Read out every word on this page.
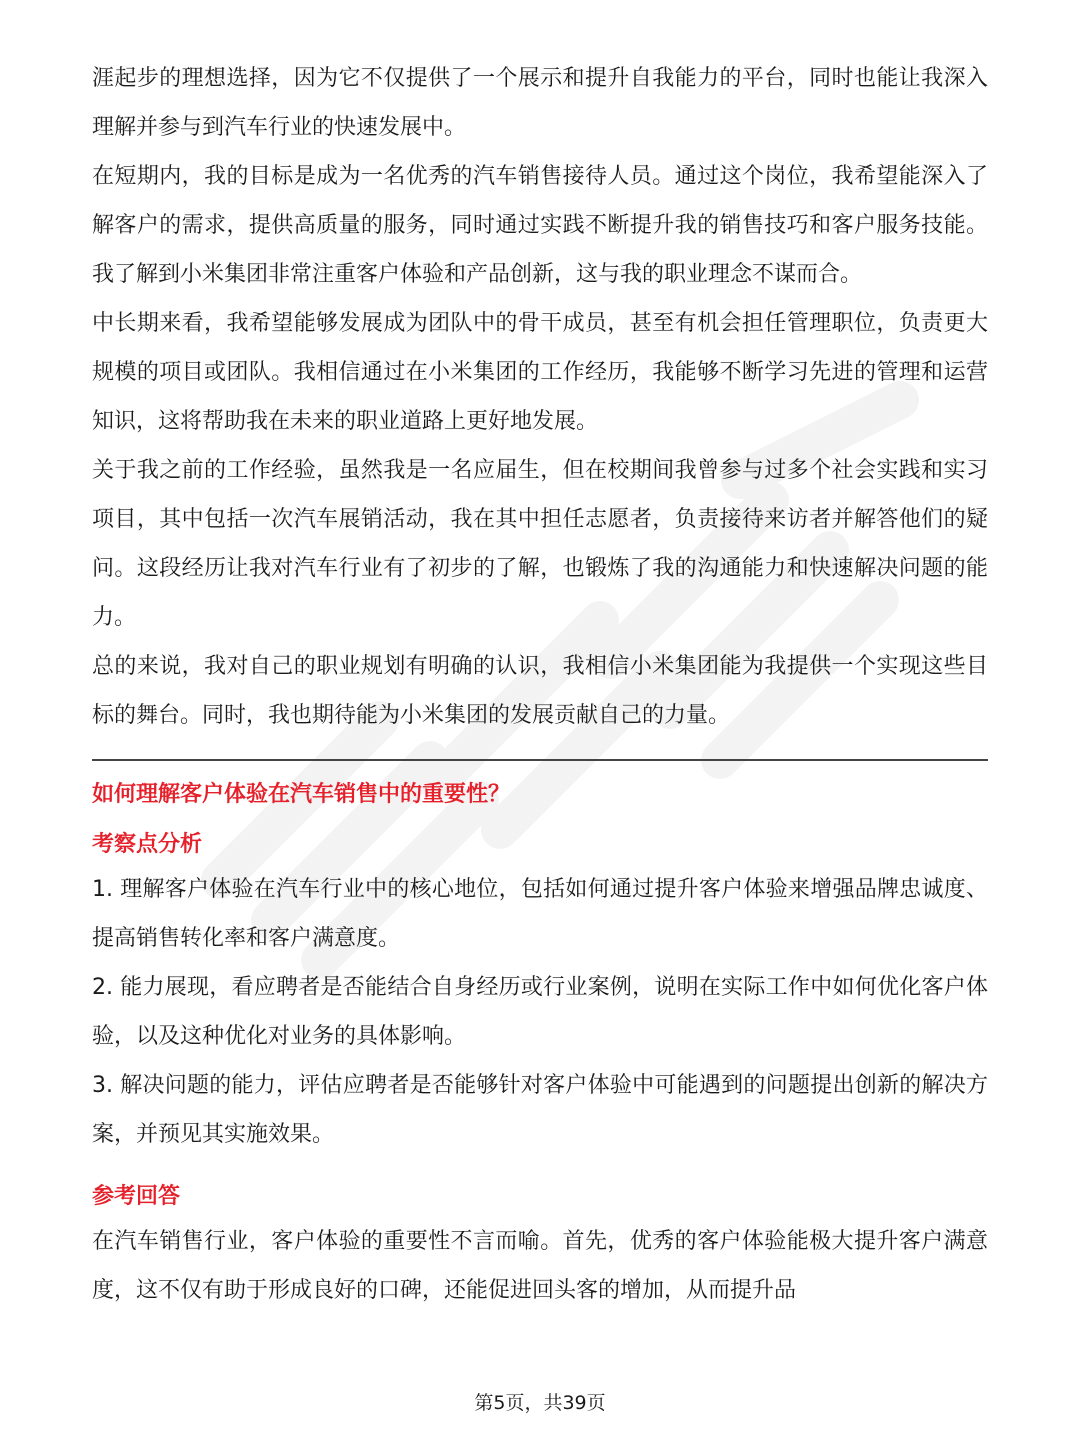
涯起步的理想选择，因为它不仅提供了一个展示和提升自我能力的平台，同时也能让我深入理解并参与到汽车行业的快速发展中。

在短期内，我的目标是成为一名优秀的汽车销售接待人员。通过这个岗位，我希望能深入了解客户的需求，提供高质量的服务，同时通过实践不断提升我的销售技巧和客户服务技能。我了解到小米集团非常注重客户体验和产品创新，这与我的职业理念不谋而合。

中长期来看，我希望能够发展成为团队中的骨干成员，甚至有机会担任管理职位，负责更大规模的项目或团队。我相信通过在小米集团的工作经历，我能够不断学习先进的管理和运营知识，这将帮助我在未来的职业道路上更好地发展。

关于我之前的工作经验，虽然我是一名应届生，但在校期间我曾参与过多个社会实践和实习项目，其中包括一次汽车展销活动，我在其中担任志愿者，负责接待来访者并解答他们的疑问。这段经历让我对汽车行业有了初步的了解，也锻炼了我的沟通能力和快速解决问题的能力。

总的来说，我对自己的职业规划有明确的认识，我相信小米集团能为我提供一个实现这些目标的舞台。同时，我也期待能为小米集团的发展贡献自己的力量。

如何理解客户体验在汽车销售中的重要性？

考察点分析

1. 理解客户体验在汽车行业中的核心地位，包括如何通过提升客户体验来增强品牌忠诚度、提高销售转化率和客户满意度。

2. 能力展现，看应聘者是否能结合自身经历或行业案例，说明在实际工作中如何优化客户体验，以及这种优化对业务的具体影响。

3. 解决问题的能力，评估应聘者是否能够针对客户体验中可能遇到的问题提出创新的解决方案，并预见其实施效果。

参考回答

在汽车销售行业，客户体验的重要性不言而喻。首先，优秀的客户体验能极大提升客户满意度，这不仅有助于形成良好的口碑，还能促进回头客的增加，从而提升品

第5页，共39页
